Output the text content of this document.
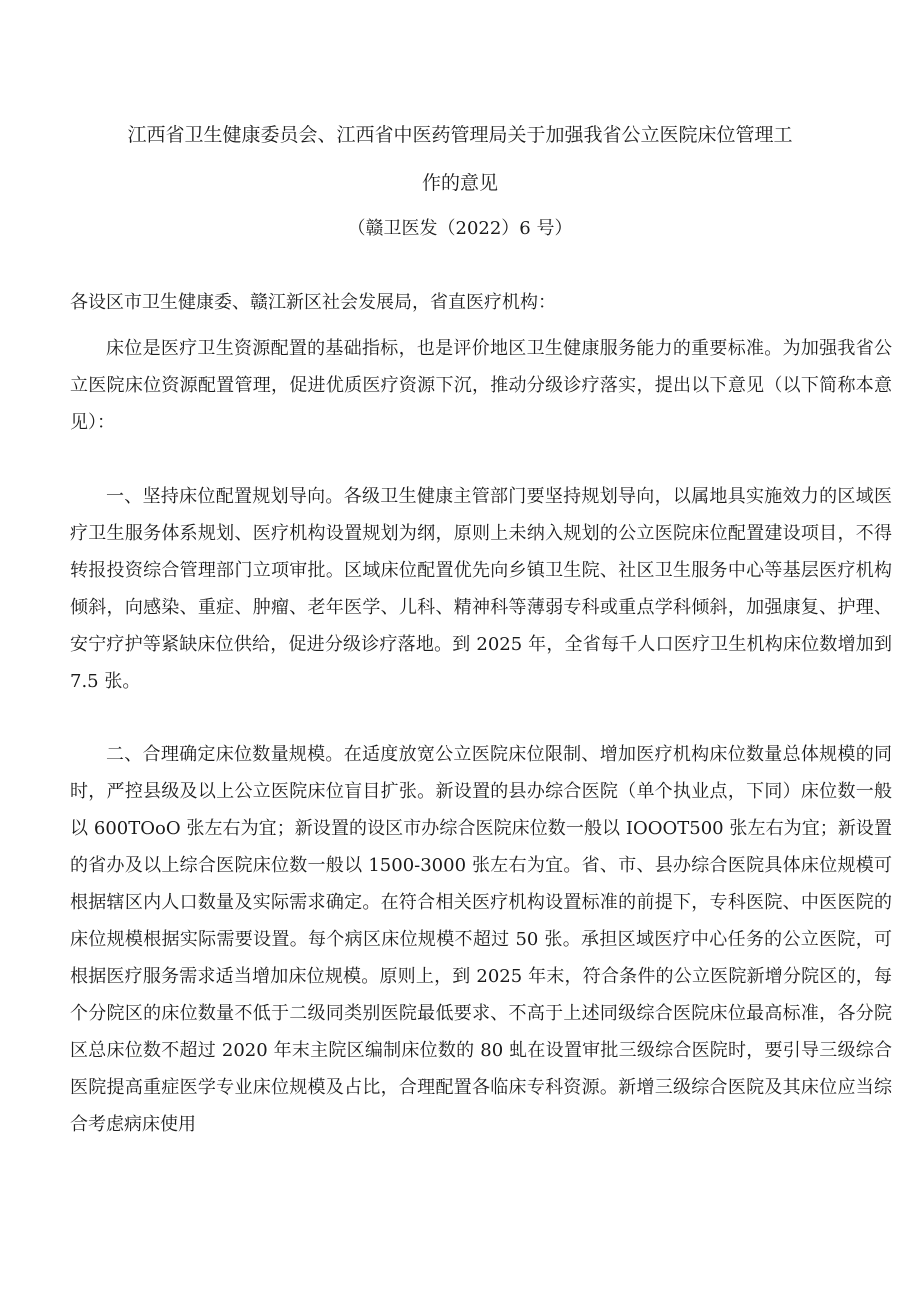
江西省卫生健康委员会、江西省中医药管理局关于加强我省公立医院床位管理工
作的意见
（赣卫医发（2022）6 号）
各设区市卫生健康委、赣江新区社会发展局，省直医疗机构：

床位是医疗卫生资源配置的基础指标，也是评价地区卫生健康服务能力的重要标准。为加强我省公立医院床位资源配置管理，促进优质医疗资源下沉，推动分级诊疗落实，提出以下意见（以下简称本意见）：

一、坚持床位配置规划导向。各级卫生健康主管部门要坚持规划导向，以属地具实施效力的区域医疗卫生服务体系规划、医疗机构设置规划为纲，原则上未纳入规划的公立医院床位配置建设项目，不得转报投资综合管理部门立项审批。区域床位配置优先向乡镇卫生院、社区卫生服务中心等基层医疗机构倾斜，向感染、重症、肿瘤、老年医学、儿科、精神科等薄弱专科或重点学科倾斜，加强康复、护理、安宁疗护等紧缺床位供给，促进分级诊疗落地。到 2025 年，全省每千人口医疗卫生机构床位数增加到 7.5 张。

二、合理确定床位数量规模。在适度放宽公立医院床位限制、增加医疗机构床位数量总体规模的同时，严控县级及以上公立医院床位盲目扩张。新设置的县办综合医院（单个执业点，下同）床位数一般以 600TOoO 张左右为宜；新设置的设区市办综合医院床位数一般以 IOOOT500 张左右为宜；新设置的省办及以上综合医院床位数一般以 1500-3000 张左右为宜。省、市、县办综合医院具体床位规模可根据辖区内人口数量及实际需求确定。在符合相关医疗机构设置标准的前提下，专科医院、中医医院的床位规模根据实际需要设置。每个病区床位规模不超过 50 张。承担区域医疗中心任务的公立医院，可根据医疗服务需求适当增加床位规模。原则上，到 2025 年末，符合条件的公立医院新增分院区的，每个分院区的床位数量不低于二级同类别医院最低要求、不高于上述同级综合医院床位最高标准，各分院区总床位数不超过 2020 年末主院区编制床位数的 80 虬在设置审批三级综合医院时，要引导三级综合医院提高重症医学专业床位规模及占比，合理配置各临床专科资源。新增三级综合医院及其床位应当综合考虑病床使用
